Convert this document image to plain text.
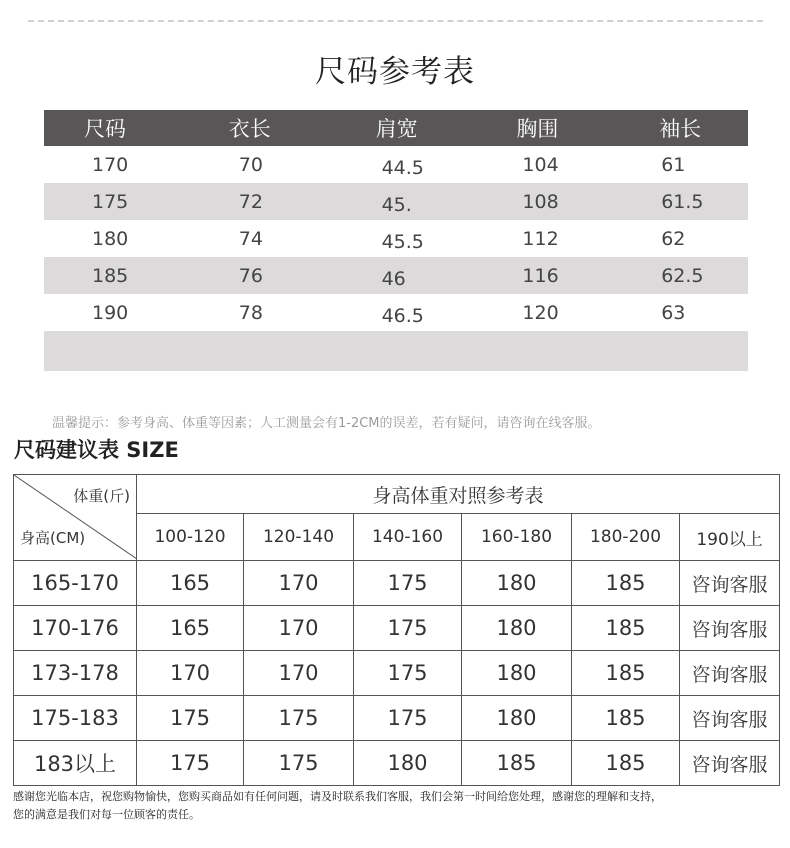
尺码参考表
尺码	衣长	肩宽	胸围	袖长
170	70	44.5	104	61
175	72	45.	108	61.5
180	74	45.5	112	62
185	76	46	116	62.5
190	78	46.5	120	63
温馨提示：参考身高、体重等因素；人工测量会有1-2CM的误差，若有疑问，请咨询在线客服。
尺码建议表 SIZE
体重(斤)
身高(CM)	身高体重对照参考表					
	100-120	120-140	140-160	160-180	180-200	190以上
165-170	165	170	175	180	185	咨询客服
170-176	165	170	175	180	185	咨询客服
173-178	170	170	175	180	185	咨询客服
175-183	175	175	175	180	185	咨询客服
183以上	175	175	180	185	185	咨询客服
感谢您光临本店，祝您购物愉快，您购买商品如有任何问题，请及时联系我们客服，我们会第一时间给您处理，感谢您的理解和支持，
您的满意是我们对每一位顾客的责任。
